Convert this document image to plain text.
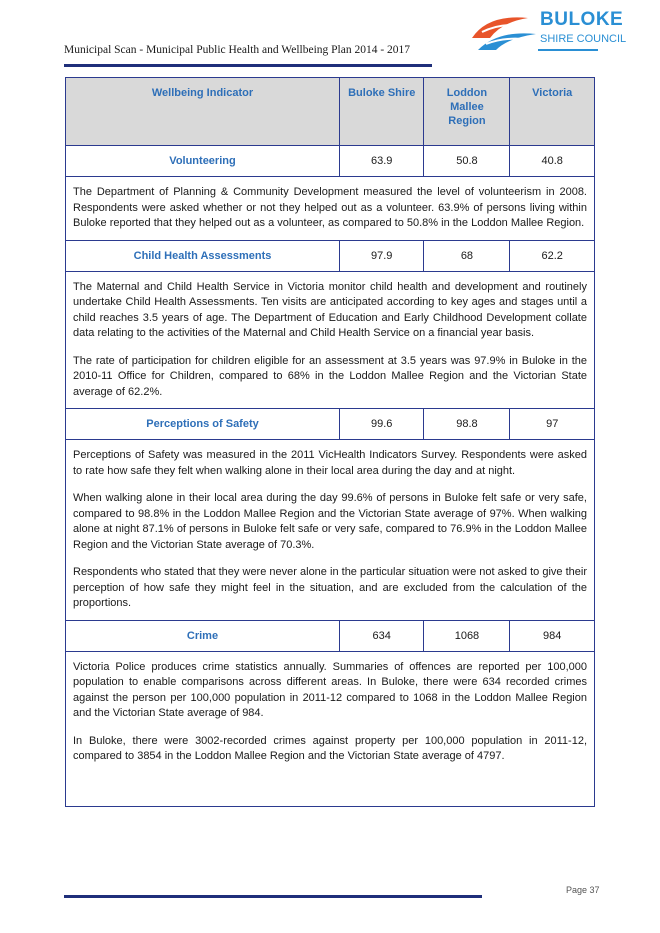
Municipal Scan - Municipal Public Health and Wellbeing Plan 2014 - 2017
BULOKE
SHIRE COUNCIL
Wellbeing Indicator	Buloke Shire	Loddon Mallee Region	Victoria
Volunteering	63.9	50.8	40.8

The Department of Planning & Community Development measured the level of volunteerism in 2008. Respondents were asked whether or not they helped out as a volunteer. 63.9% of persons living within Buloke reported that they helped out as a volunteer, as compared to 50.8% in the Loddon Mallee Region.			

Child Health Assessments	97.9	68	62.2

The Maternal and Child Health Service in Victoria monitor child health and development and routinely undertake Child Health Assessments. Ten visits are anticipated according to key ages and stages until a child reaches 3.5 years of age. The Department of Education and Early Childhood Development collate data relating to the activities of the Maternal and Child Health Service on a financial year basis.

The rate of participation for children eligible for an assessment at 3.5 years was 97.9% in Buloke in the 2010-11 Office for Children, compared to 68% in the Loddon Mallee Region and the Victorian State average of 62.2%.			

Perceptions of Safety	99.6	98.8	97

Perceptions of Safety was measured in the 2011 VicHealth Indicators Survey. Respondents were asked to rate how safe they felt when walking alone in their local area during the day and at night.

When walking alone in their local area during the day 99.6% of persons in Buloke felt safe or very safe, compared to 98.8% in the Loddon Mallee Region and the Victorian State average of 97%. When walking alone at night 87.1% of persons in Buloke felt safe or very safe, compared to 76.9% in the Loddon Mallee Region and the Victorian State average of 70.3%.

Respondents who stated that they were never alone in the particular situation were not asked to give their perception of how safe they might feel in the situation, and are excluded from the calculation of the proportions.			

Crime	634	1068	984

Victoria Police produces crime statistics annually. Summaries of offences are reported per 100,000 population to enable comparisons across different areas. In Buloke, there were 634 recorded crimes against the person per 100,000 population in 2011-12 compared to 1068 in the Loddon Mallee Region and the Victorian State average of 984.

In Buloke, there were 3002-recorded crimes against property per 100,000 population in 2011-12, compared to 3854 in the Loddon Mallee Region and the Victorian State average of 4797.			

Page 37
